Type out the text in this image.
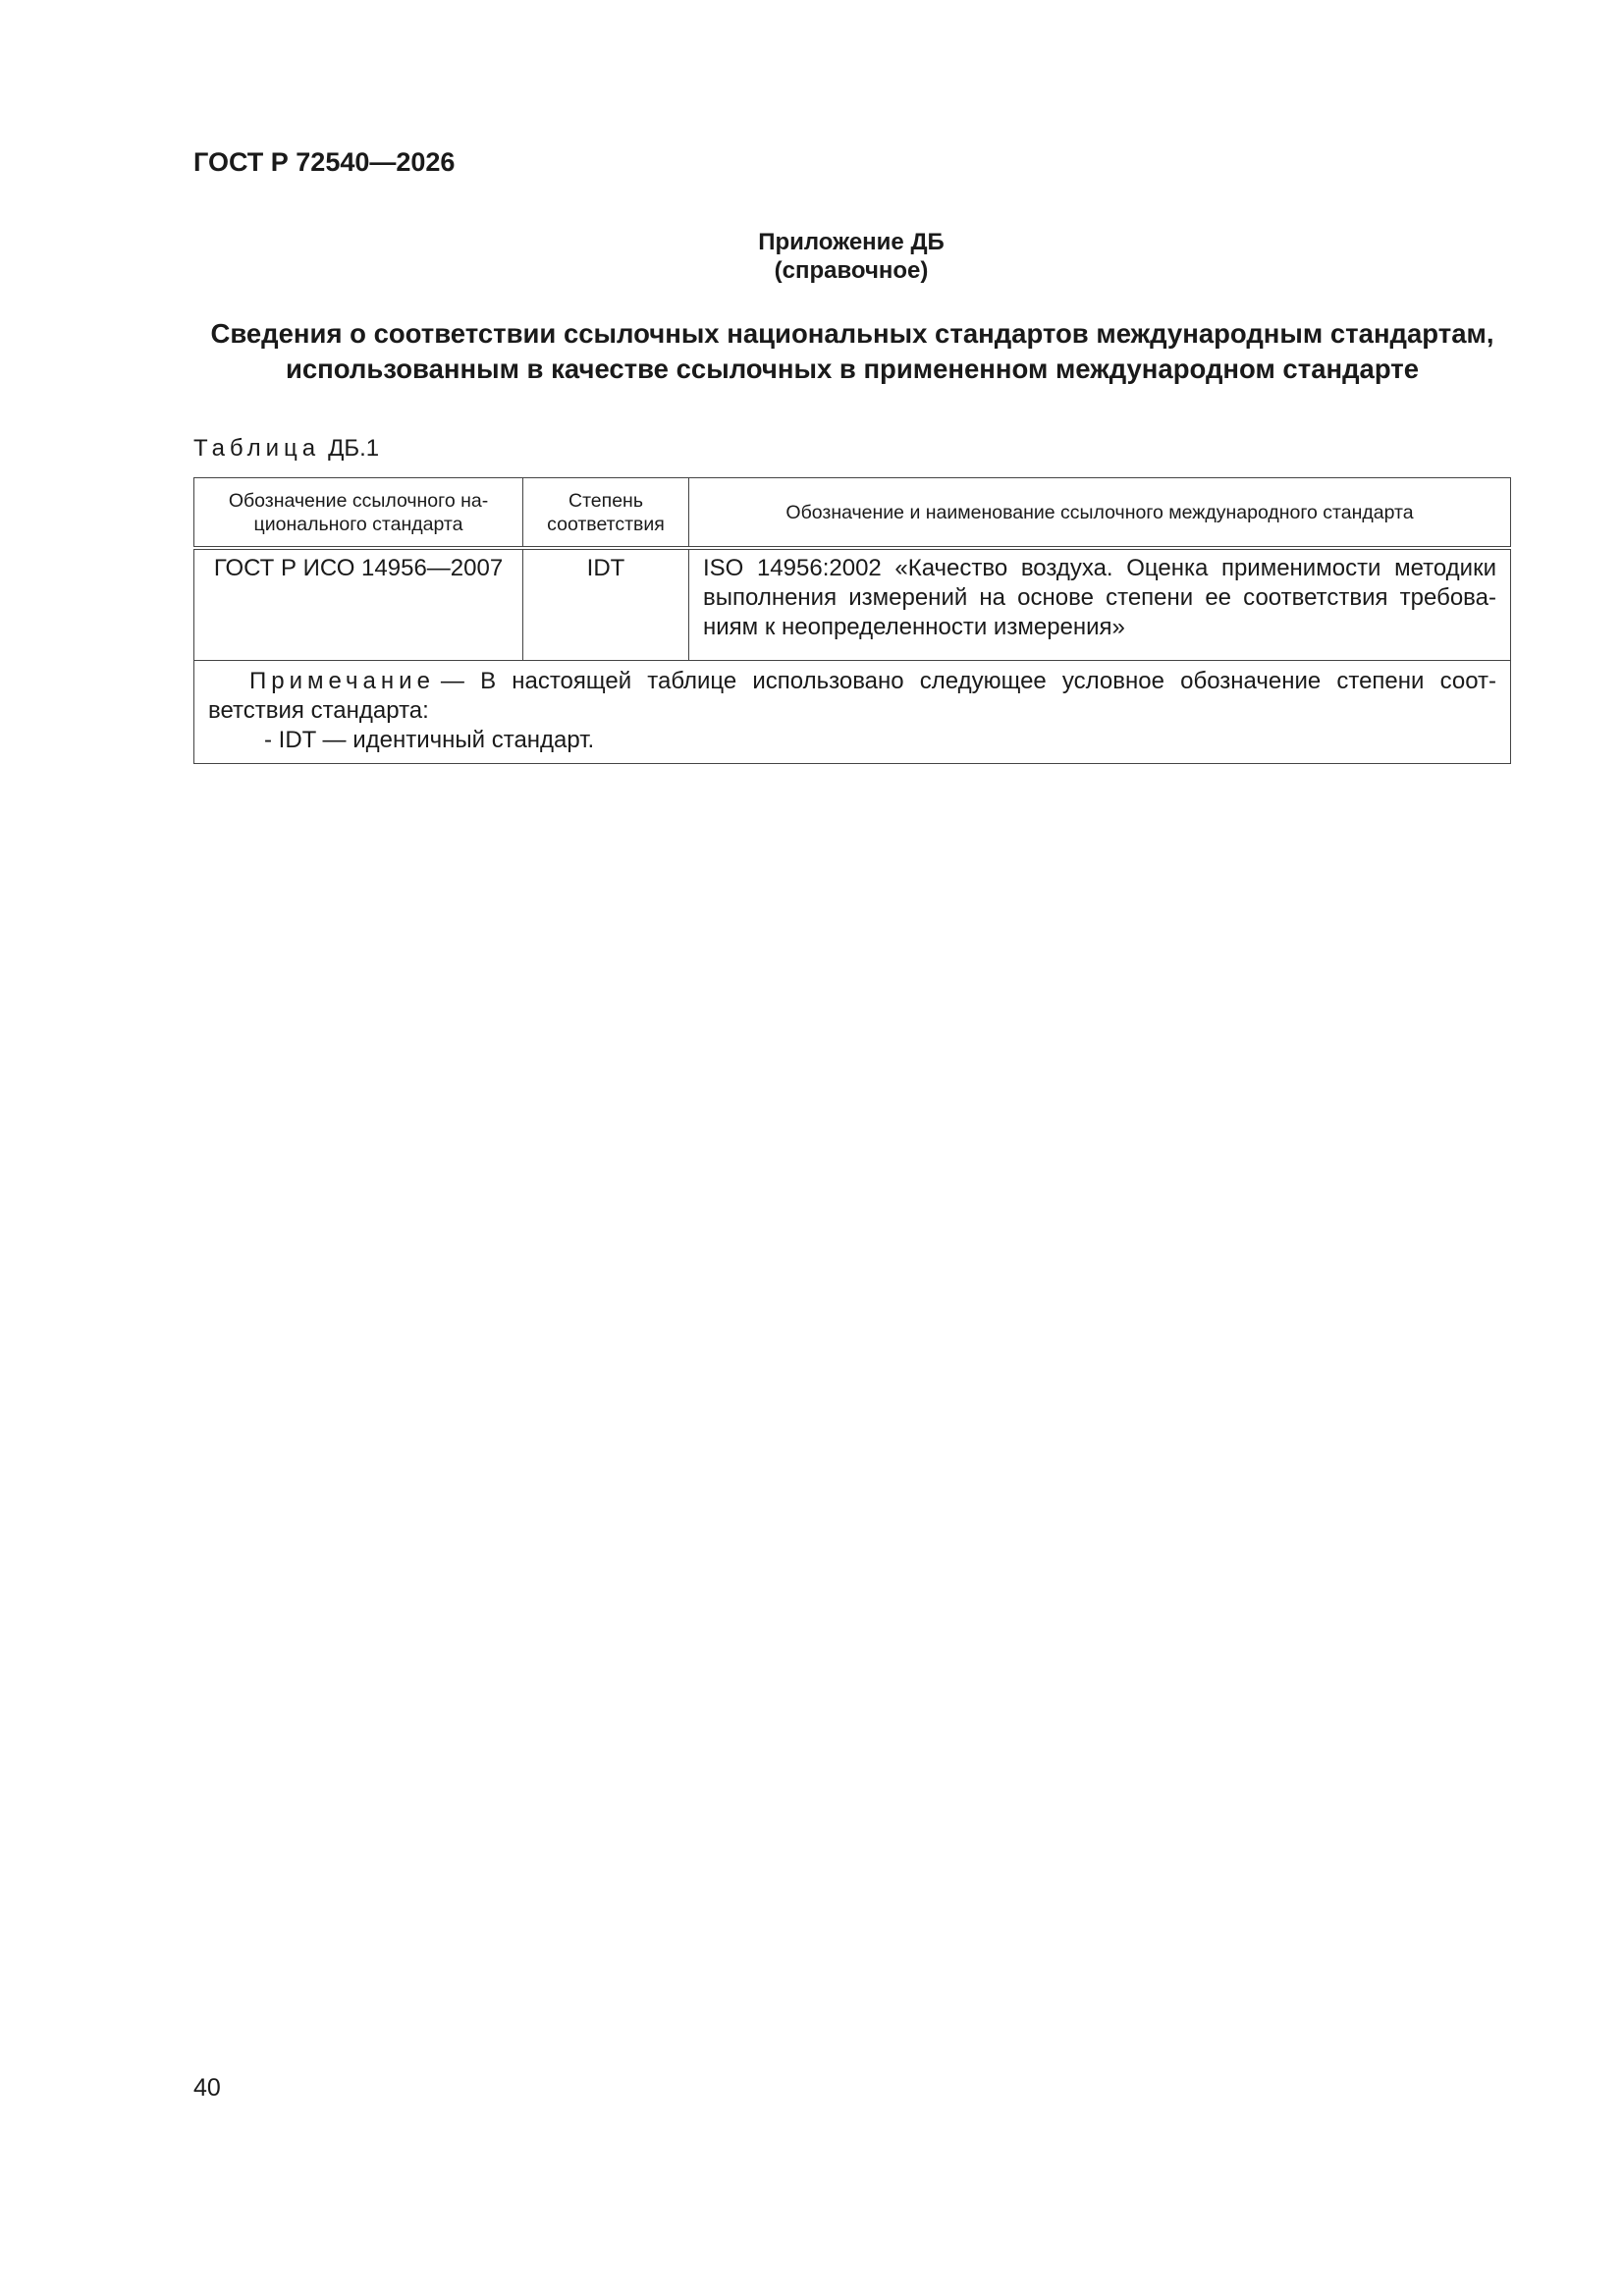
ГОСТ Р 72540—2026
Приложение ДБ
(справочное)
Сведения о соответствии ссылочных национальных стандартов международным стандартам,
использованным в качестве ссылочных в примененном международном стандарте
Таблица ДБ.1
Обозначение ссылочного на-ционального стандарта	Степень соответствия	Обозначение и наименование ссылочного международного стандарта
ГОСТ Р ИСО 14956—2007	IDT	ISO 14956:2002 «Качество воздуха. Оценка применимости методики выполнения измерений на основе степени ее соответствия требова-ниям к неопределенности измерения»

Примечание — В настоящей таблице использовано следующее условное обозначение степени соот-ветствия стандарта:

- IDT — идентичный стандарт.		
40
